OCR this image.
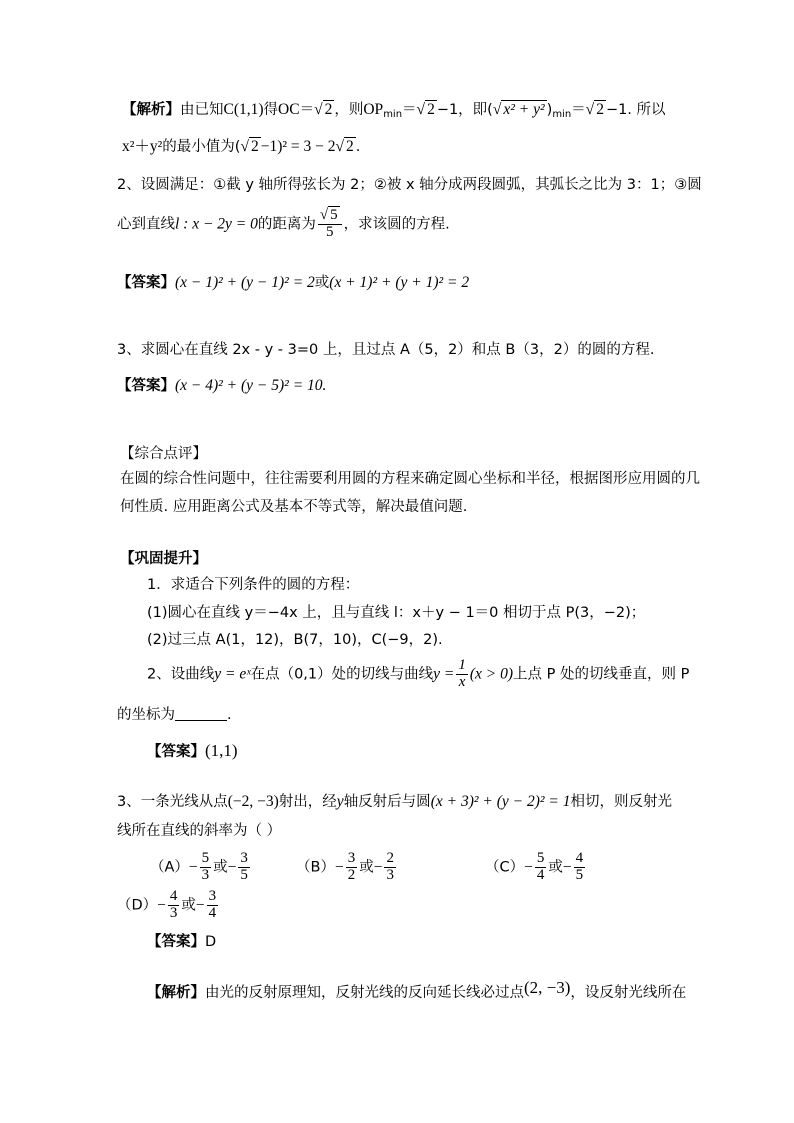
【解析】由已知C(1,1)得OC＝√ 2 ，则$OP_{min}=√$ 2 −1，即(√ x² + y² )$_{min}=√$ 2 −1. 所以
x²＋y²的最小值为(√ 2 −1)² = 3 − 2√ 2 .
2、设圆满足：①截 y 轴所得弦长为 2；②被 x 轴分成两段圆弧，其弧长之比为 3：1；③圆
心到直线l : x − 2y = 0的距离为 $\frac{√ 5}{5}$ ，求该圆的方程.
【答案】(x − 1)² + (y − 1)² = 2或(x + 1)² + (y + 1)² = 2
3、求圆心在直线 2x - y - 3=0 上，且过点 A（5，2）和点 B（3，2）的圆的方程.
【答案】(x − 4)² + (y − 5)² = 10.
【综合点评】
在圆的综合性问题中，往往需要利用圆的方程来确定圆心坐标和半径，根据图形应用圆的几
何性质. 应用距离公式及基本不等式等，解决最值问题.
【巩固提升】
1．求适合下列条件的圆的方程：
(1)圆心在直线 y＝−4x 上，且与直线 l：x＋y − 1＝0 相切于点 P(3，−2)；
(2)过三点 A(1，12)，B(7，10)，C(−9，2).
2、设曲线y = eˣ在点（0,1）处的切线与曲线$y = \frac{1}{x} (x > 0)$上点 P 处的切线垂直，则 P
的坐标为	.
【答案】(1,1)
3、一条光线从点(−2, −3)射出，经y轴反射后与圆(x + 3)² + (y − 2)² = 1相切，则反射光
线所在直线的斜率为（ ）
$(A)- \frac{5}{3}$ 或− $\frac{3}{5}$	$(B)- \frac{3}{2}$ 或− $\frac{2}{3}$	$(C)- \frac{5}{4}$ 或− $\frac{4}{5}$
$(D)- \frac{4}{3}$ 或− $\frac{3}{4}$
【答案】D
【解析】由光的反射原理知，反射光线的反向延长线必过点(2, −3)，设反射光线所在
